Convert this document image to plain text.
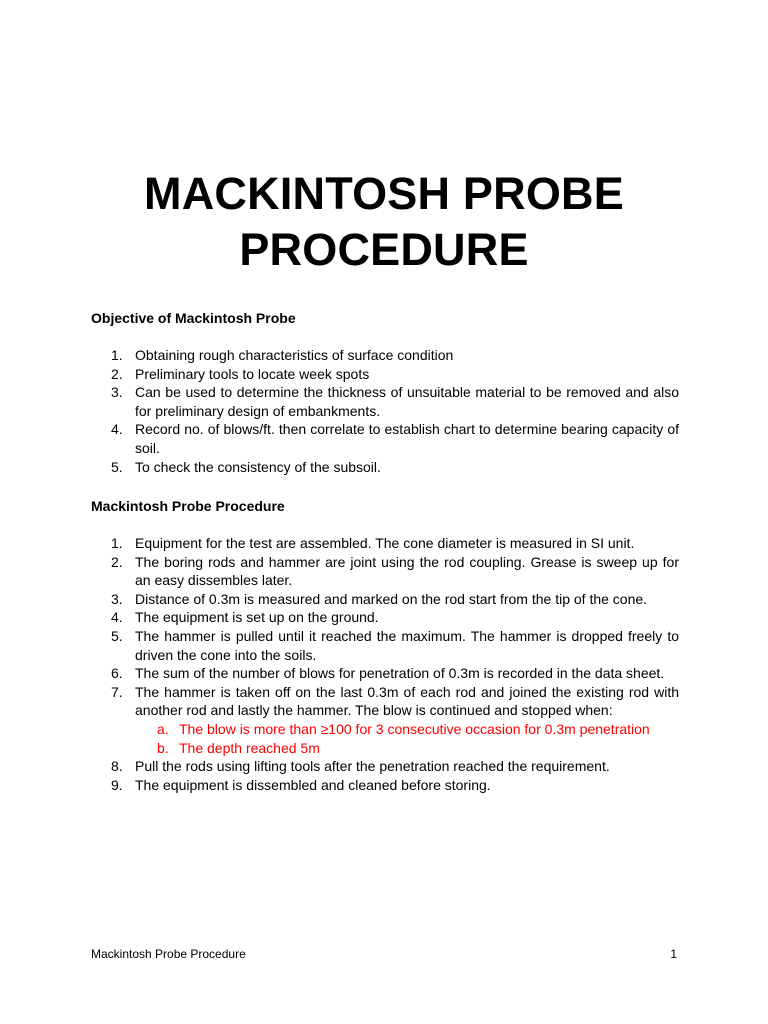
MACKINTOSH PROBE
PROCEDURE
Objective of Mackintosh Probe
1. Obtaining rough characteristics of surface condition
2. Preliminary tools to locate week spots
3. Can be used to determine the thickness of unsuitable material to be removed and also for preliminary design of embankments.
4. Record no. of blows/ft. then correlate to establish chart to determine bearing capacity of soil.
5. To check the consistency of the subsoil.
Mackintosh Probe Procedure
1. Equipment for the test are assembled. The cone diameter is measured in SI unit.
2. The boring rods and hammer are joint using the rod coupling. Grease is sweep up for an easy dissembles later.
3. Distance of 0.3m is measured and marked on the rod start from the tip of the cone.
4. The equipment is set up on the ground.
5. The hammer is pulled until it reached the maximum. The hammer is dropped freely to driven the cone into the soils.
6. The sum of the number of blows for penetration of 0.3m is recorded in the data sheet.
7. The hammer is taken off on the last 0.3m of each rod and joined the existing rod with another rod and lastly the hammer. The blow is continued and stopped when:
a. The blow is more than ≥100 for 3 consecutive occasion for 0.3m penetration
b. The depth reached 5m
8. Pull the rods using lifting tools after the penetration reached the requirement.
9. The equipment is dissembled and cleaned before storing.
Mackintosh Probe Procedure	1
